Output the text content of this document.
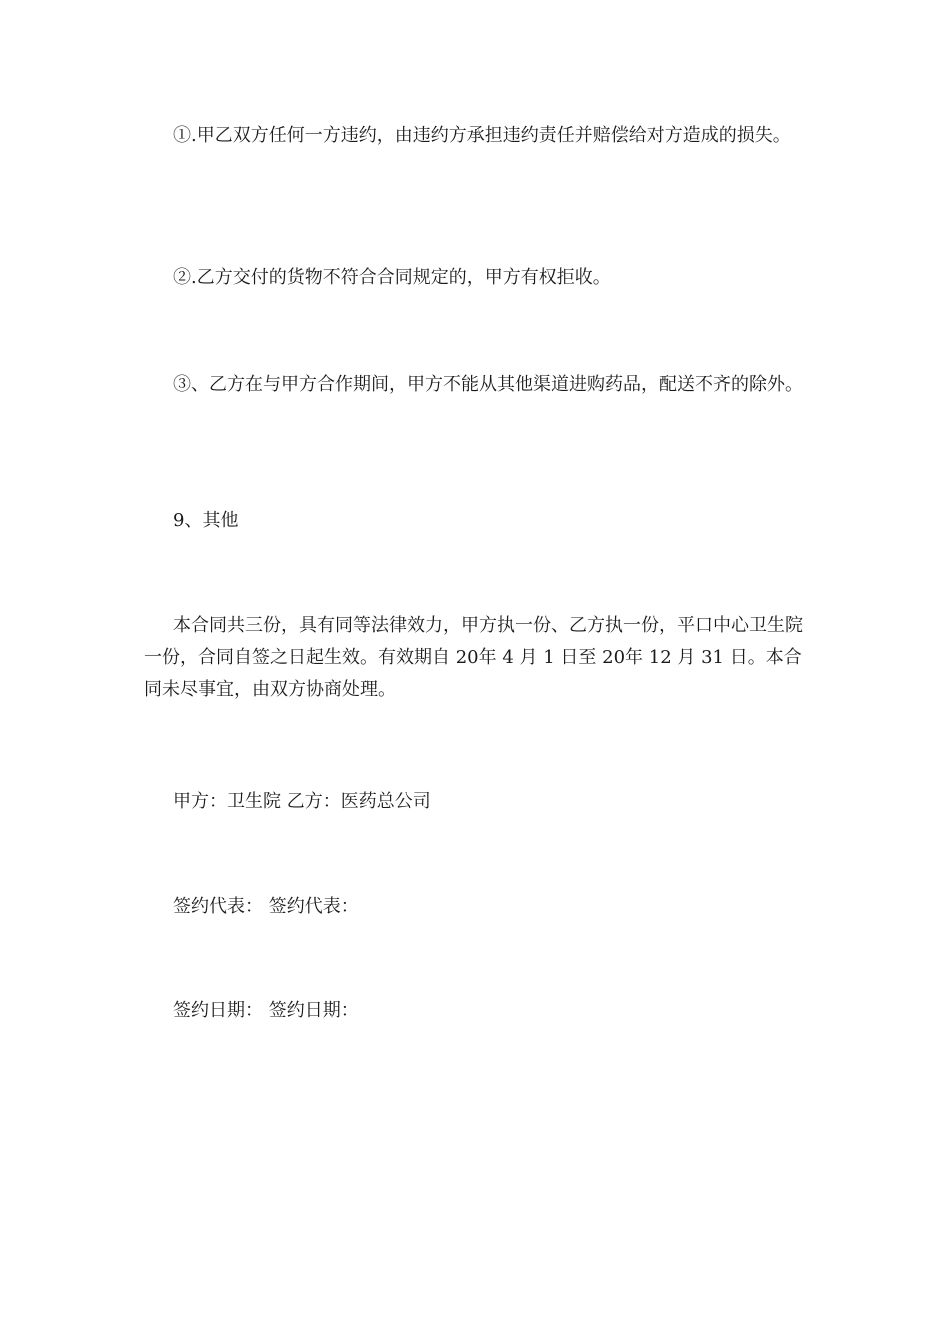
①.甲乙双方任何一方违约，由违约方承担违约责任并赔偿给对方造成的损失。

②.乙方交付的货物不符合合同规定的，甲方有权拒收。

③、乙方在与甲方合作期间，甲方不能从其他渠道进购药品，配送不齐的除外。

9、其他

本合同共三份，具有同等法律效力，甲方执一份、乙方执一份，平口中心卫生院一份，合同自签之日起生效。有效期自 20年 4 月 1 日至 20年 12 月 31 日。本合同未尽事宜，由双方协商处理。

甲方：卫生院 乙方：医药总公司

签约代表： 签约代表：

签约日期： 签约日期：
